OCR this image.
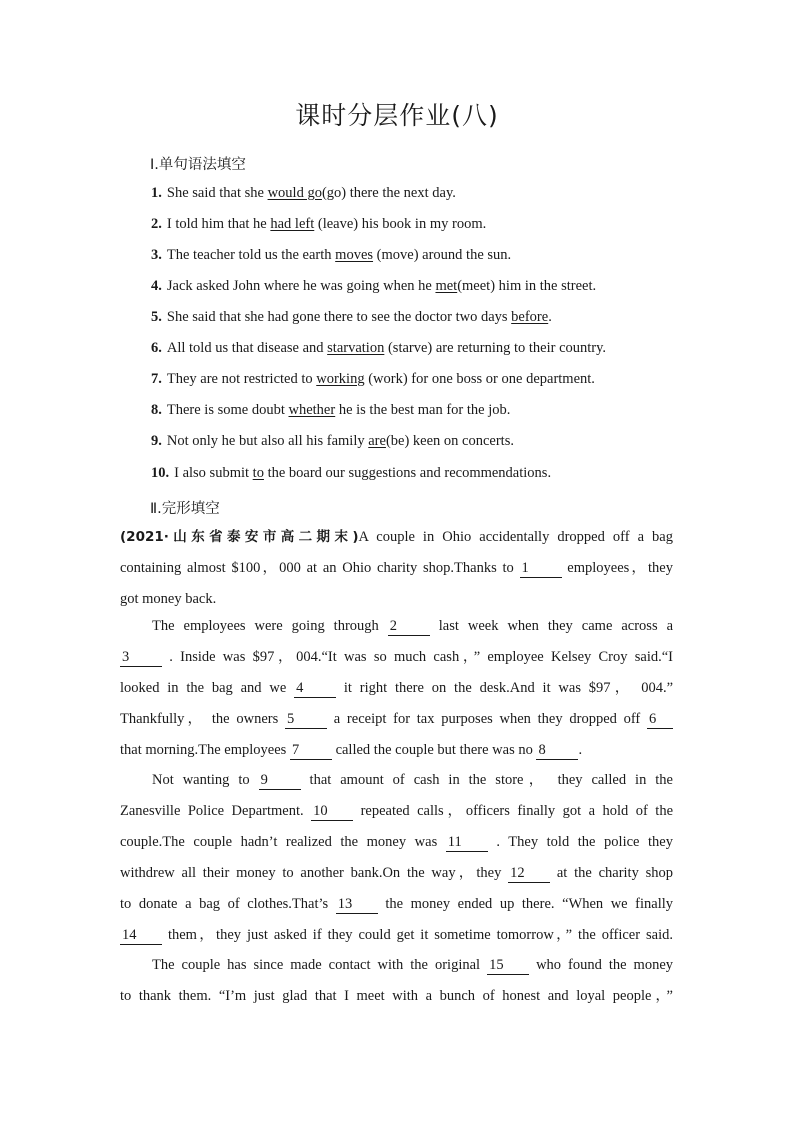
课时分层作业(八)
Ⅰ.单句语法填空
1. She said that she would go(go) there the next day.
2. I told him that he had left (leave) his book in my room.
3. The teacher told us the earth moves (move) around the sun.
4. Jack asked John where he was going when he met(meet) him in the street.
5. She said that she had gone there to see the doctor two days before.
6. All told us that disease and starvation (starve) are returning to their country.
7. They are not restricted to working (work) for one boss or one department.
8. There is some doubt whether he is the best man for the job.
9. Not only he but also all his family are(be) keen on concerts.
10. I also submit to the board our suggestions and recommendations.
Ⅱ.完形填空
(2021·山东省泰安市高二期末)A couple in Ohio accidentally dropped off a bag
containing almost $100，000 at an Ohio charity shop.Thanks to 1	employees，they
got money back.
The employees were going through 2	last week when they came across a
3	. Inside was $97，004.“It was so much cash，” employee Kelsey Croy said.“I
looked in the bag and we 4	it right there on the desk.And it was $97， 004.”
Thankfully， the owners 5	a receipt for tax purposes when they dropped off 6
that morning.The employees 7	called the couple but there was no 8 .
Not wanting to 9	that amount of cash in the store， they called in the
Zanesville Police Department. 10 repeated calls，officers finally got a hold of the
couple.The couple hadn’t realized the money was 11 . They told the police they
withdrew all their money to another bank.On the way，they 12 at the charity shop
to donate a bag of clothes.That’s 13 the money ended up there. “When we finally
14 them，they just asked if they could get it sometime tomorrow，” the officer said.
The couple has since made contact with the original 15 who found the money
to thank them. “I’m just glad that I meet with a bunch of honest and loyal people，”
